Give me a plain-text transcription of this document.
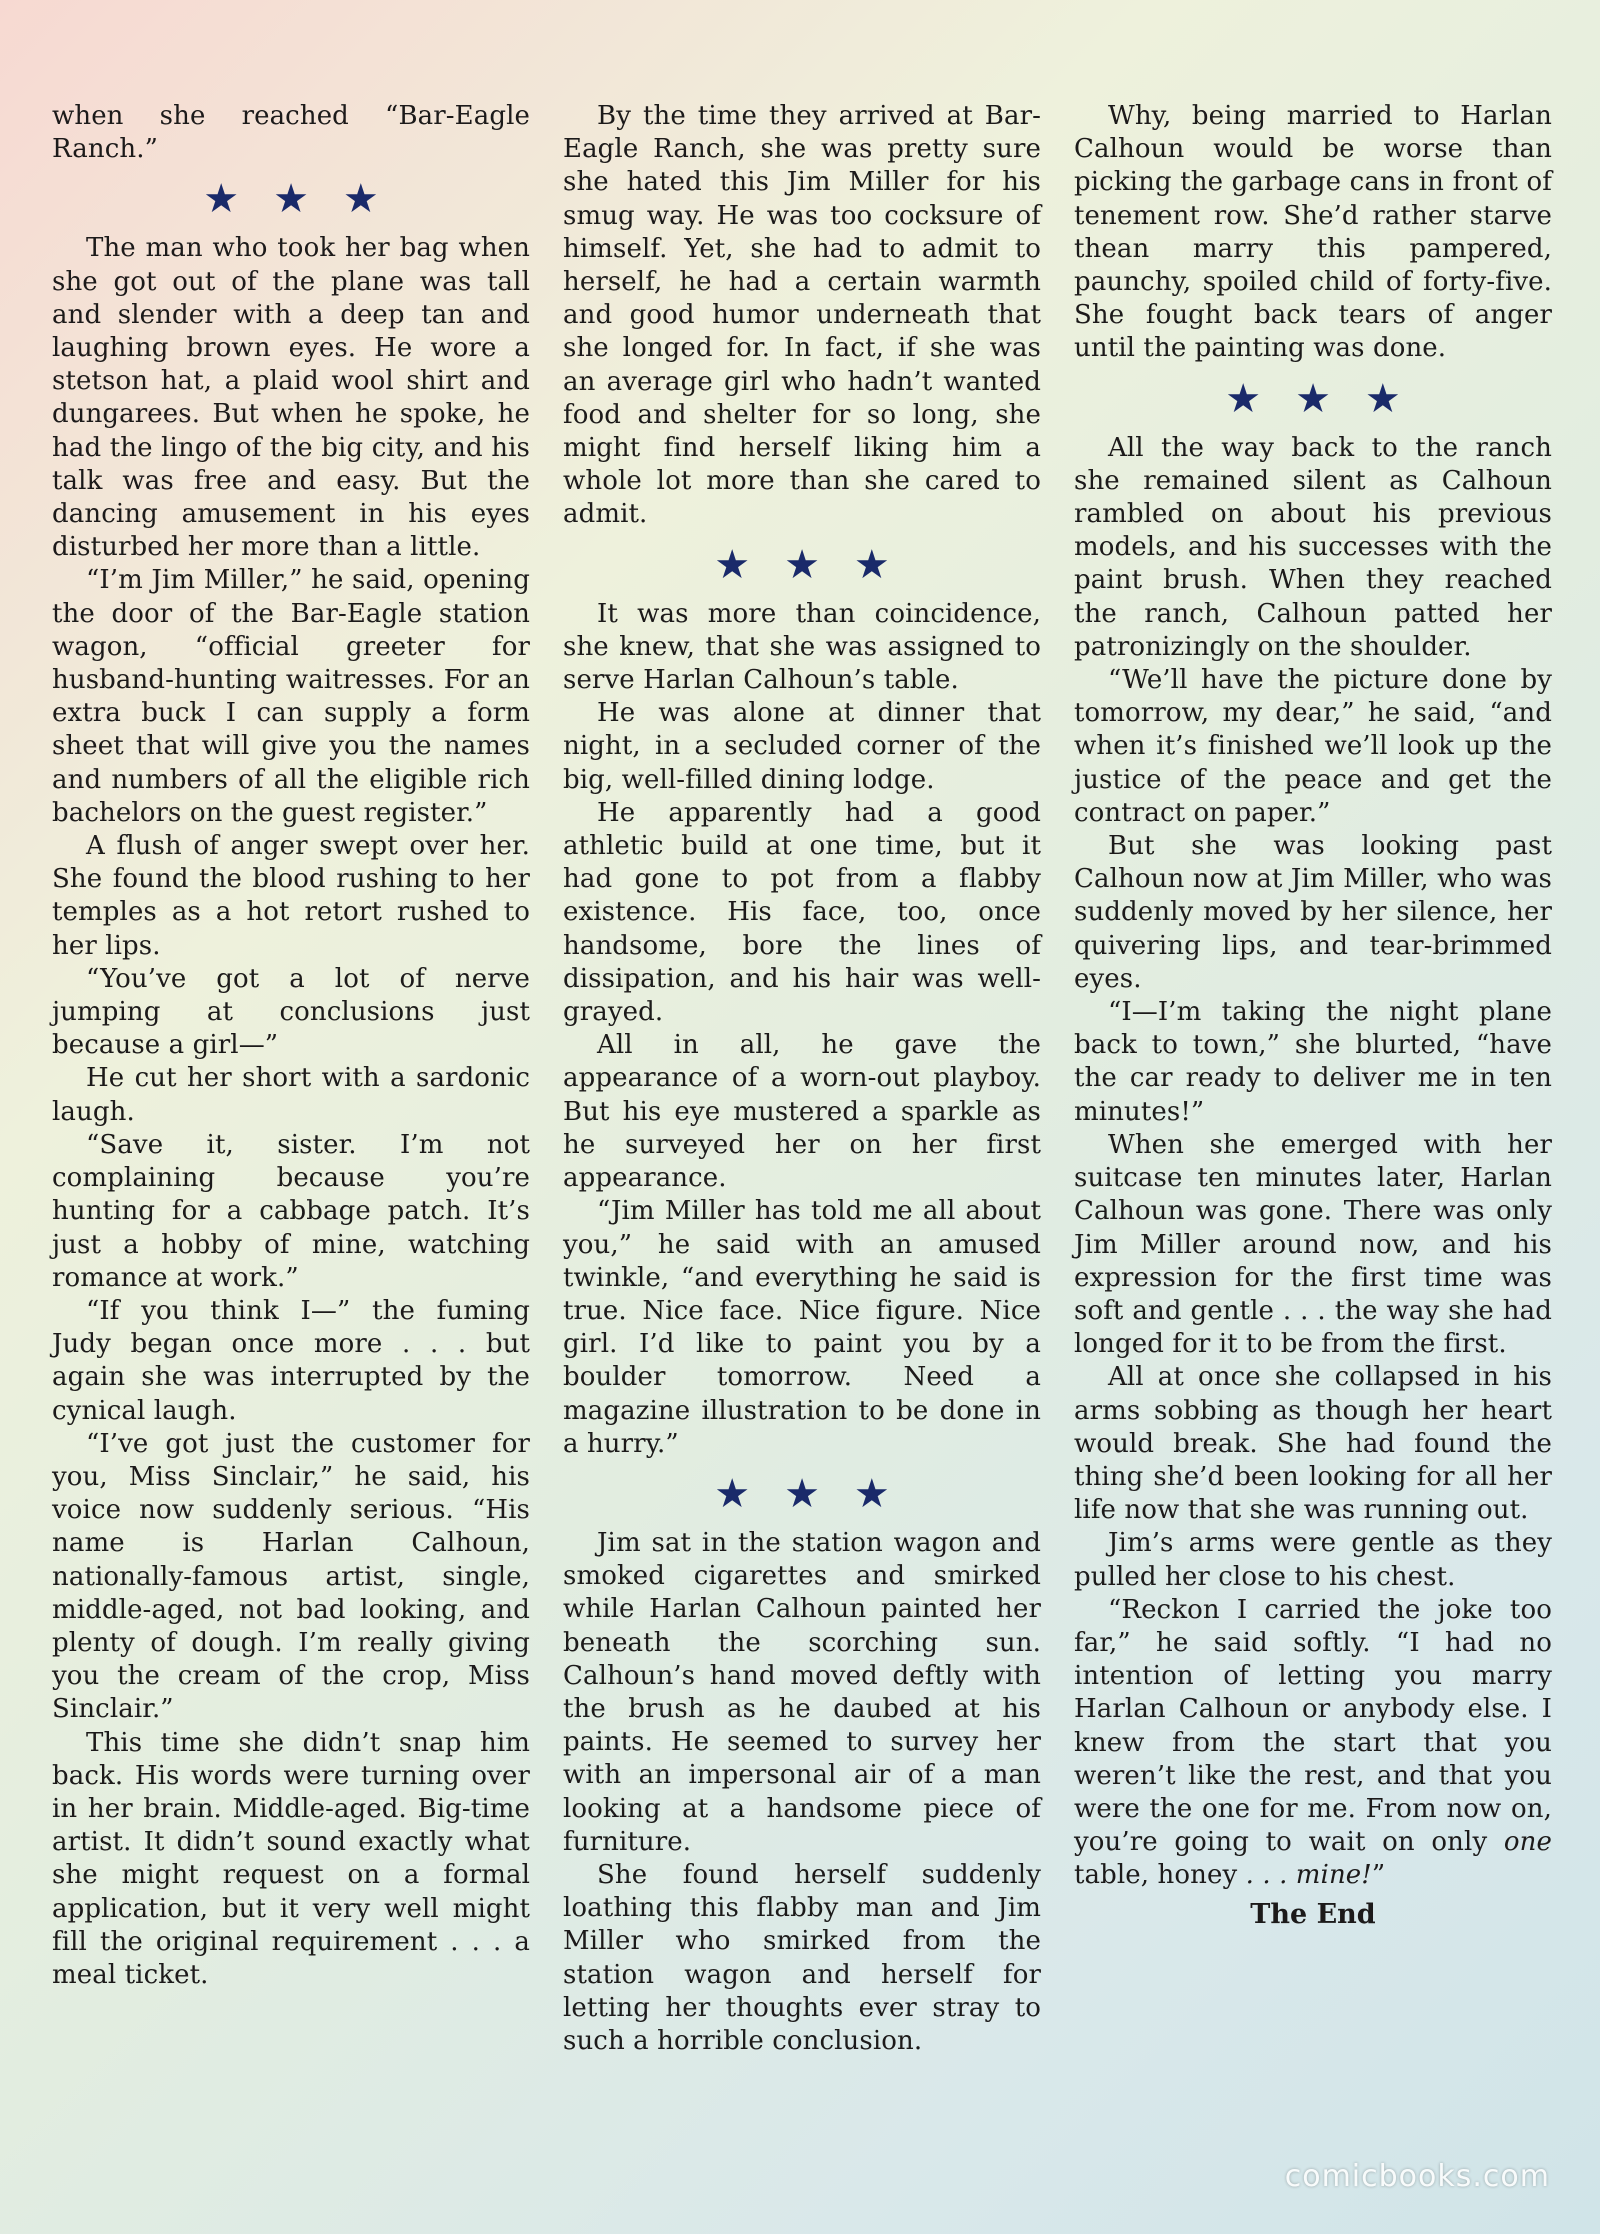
when she reached “Bar-Eagle Ranch.”

★★★

The man who took her bag when she got out of the plane was tall and slender with a deep tan and laughing brown eyes. He wore a stetson hat, a plaid wool shirt and dungarees. But when he spoke, he had the lingo of the big city, and his talk was free and easy. But the dancing amusement in his eyes disturbed her more than a little.

“I’m Jim Miller,” he said, opening the door of the Bar-Eagle station wagon, “official greeter for husband-hunting waitresses. For an extra buck I can supply a form sheet that will give you the names and numbers of all the eligible rich bachelors on the guest register.”

A flush of anger swept over her. She found the blood rushing to her temples as a hot retort rushed to her lips.

“You’ve got a lot of nerve jumping at conclusions just because a girl—”

He cut her short with a sardonic laugh.

“Save it, sister. I’m not complaining because you’re hunting for a cabbage patch. It’s just a hobby of mine, watching romance at work.”

“If you think I—” the fuming Judy began once more . . . but again she was interrupted by the cynical laugh.

“I’ve got just the customer for you, Miss Sinclair,” he said, his voice now suddenly serious. “His name is Harlan Calhoun, nationally-famous artist, single, middle-aged, not bad looking, and plenty of dough. I’m really giving you the cream of the crop, Miss Sinclair.”

This time she didn’t snap him back. His words were turning over in her brain. Middle-aged. Big-time artist. It didn’t sound exactly what she might request on a formal application, but it very well might fill the original requirement . . . a meal ticket.

By the time they arrived at Bar-Eagle Ranch, she was pretty sure she hated this Jim Miller for his smug way. He was too cocksure of himself. Yet, she had to admit to herself, he had a certain warmth and good humor underneath that she longed for. In fact, if she was an average girl who hadn’t wanted food and shelter for so long, she might find herself liking him a whole lot more than she cared to admit.

★★★

It was more than coincidence, she knew, that she was assigned to serve Harlan Calhoun’s table.

He was alone at dinner that night, in a secluded corner of the big, well-filled dining lodge.

He apparently had a good athletic build at one time, but it had gone to pot from a flabby existence. His face, too, once handsome, bore the lines of dissipation, and his hair was well-grayed.

All in all, he gave the appearance of a worn-out playboy. But his eye mustered a sparkle as he surveyed her on her first appearance.

“Jim Miller has told me all about you,” he said with an amused twinkle, “and everything he said is true. Nice face. Nice figure. Nice girl. I’d like to paint you by a boulder tomorrow. Need a magazine illustration to be done in a hurry.”

★★★

Jim sat in the station wagon and smoked cigarettes and smirked while Harlan Calhoun painted her beneath the scorching sun. Calhoun’s hand moved deftly with the brush as he daubed at his paints. He seemed to survey her with an impersonal air of a man looking at a handsome piece of furniture.

She found herself suddenly loathing this flabby man and Jim Miller who smirked from the station wagon and herself for letting her thoughts ever stray to such a horrible conclusion.

Why, being married to Harlan Calhoun would be worse than picking the garbage cans in front of tenement row. She’d rather starve thean marry this pampered, paunchy, spoiled child of forty-five. She fought back tears of anger until the painting was done.

★★★

All the way back to the ranch she remained silent as Calhoun rambled on about his previous models, and his successes with the paint brush. When they reached the ranch, Calhoun patted her patronizingly on the shoulder.

“We’ll have the picture done by tomorrow, my dear,” he said, “and when it’s finished we’ll look up the justice of the peace and get the contract on paper.”

But she was looking past Calhoun now at Jim Miller, who was suddenly moved by her silence, her quivering lips, and tear-brimmed eyes.

“I—I’m taking the night plane back to town,” she blurted, “have the car ready to deliver me in ten minutes!”

When she emerged with her suitcase ten minutes later, Harlan Calhoun was gone. There was only Jim Miller around now, and his expression for the first time was soft and gentle . . . the way she had longed for it to be from the first.

All at once she collapsed in his arms sobbing as though her heart would break. She had found the thing she’d been looking for all her life now that she was running out.

Jim’s arms were gentle as they pulled her close to his chest.

“Reckon I carried the joke too far,” he said softly. “I had no intention of letting you marry Harlan Calhoun or anybody else. I knew from the start that you weren’t like the rest, and that you were the one for me. From now on, you’re going to wait on only one table, honey . . . mine!”

The End
comicbooks.com
